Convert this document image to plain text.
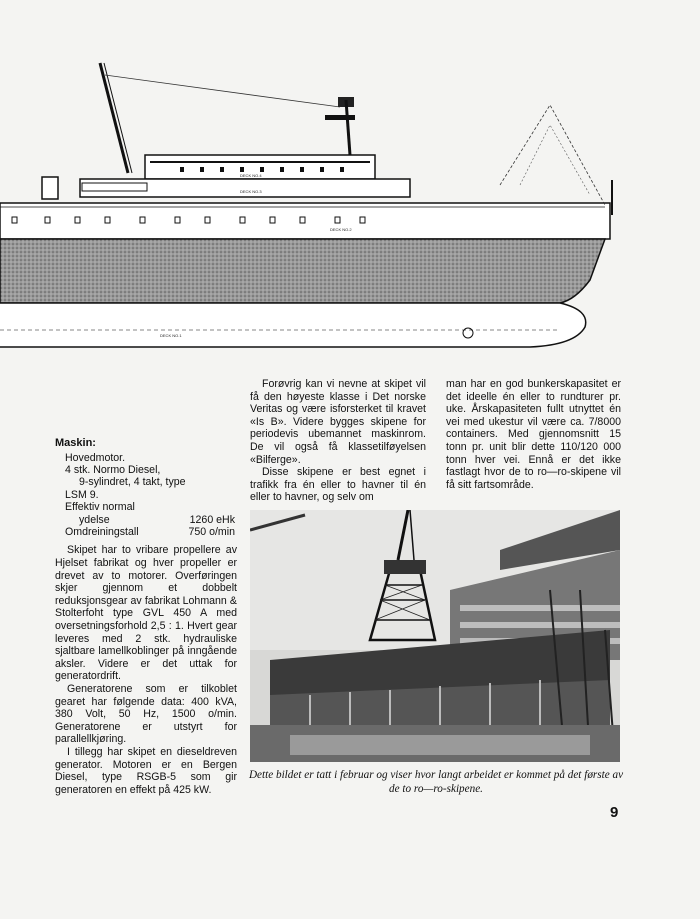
DECK NO.4
DECK NO.3
DECK NO.2
DECK NO.1
Maskin:
Hovedmotor.
4 stk. Normo Diesel,
9-sylindret, 4 takt, type
LSM 9.
Effektiv normal
ydelse	1260 eHk
Omdreiningstall	750 o/min

Skipet har to vribare propellere av Hjelset fabrikat og hver propeller er drevet av to motorer. Overføringen skjer gjennom et dobbelt reduksjonsgear av fabrikat Lohmann & Stolterfoht type GVL 450 A med oversetningsforhold 2,5 : 1. Hvert gear leveres med 2 stk. hydrauliske sjaltbare lamellkoblinger på inngående aksler. Videre er det uttak for generatordrift.

Generatorene som er tilkoblet gearet har følgende data: 400 kVA, 380 Volt, 50 Hz, 1500 o/min. Generatorene er utstyrt for parallellkjøring.

I tillegg har skipet en dieseldreven generator. Motoren er en Bergen Diesel, type RSGB-5 som gir generatoren en effekt på 425 kW.

Forøvrig kan vi nevne at skipet vil få den høyeste klasse i Det norske Veritas og være isforsterket til kravet «Is B». Videre bygges skipene for periodevis ubemannet maskinrom. De vil også få klassetilføyelsen «Bilferge».

Disse skipene er best egnet i trafikk fra én eller to havner til én eller to havner, og selv om

man har en god bunkerskapasitet er det ideelle én eller to rundturer pr. uke. Årskapasiteten fullt utnyttet én vei med ukestur vil være ca. 7/8000 containers. Med gjennomsnitt 15 tonn pr. unit blir dette 110/120 000 tonn hver vei. Ennå er det ikke fastlagt hvor de to ro—ro-skipene vil få sitt fartsområde.

Dette bildet er tatt i februar og viser hvor langt arbeidet er kommet på det første av de to ro—ro-skipene.
9
